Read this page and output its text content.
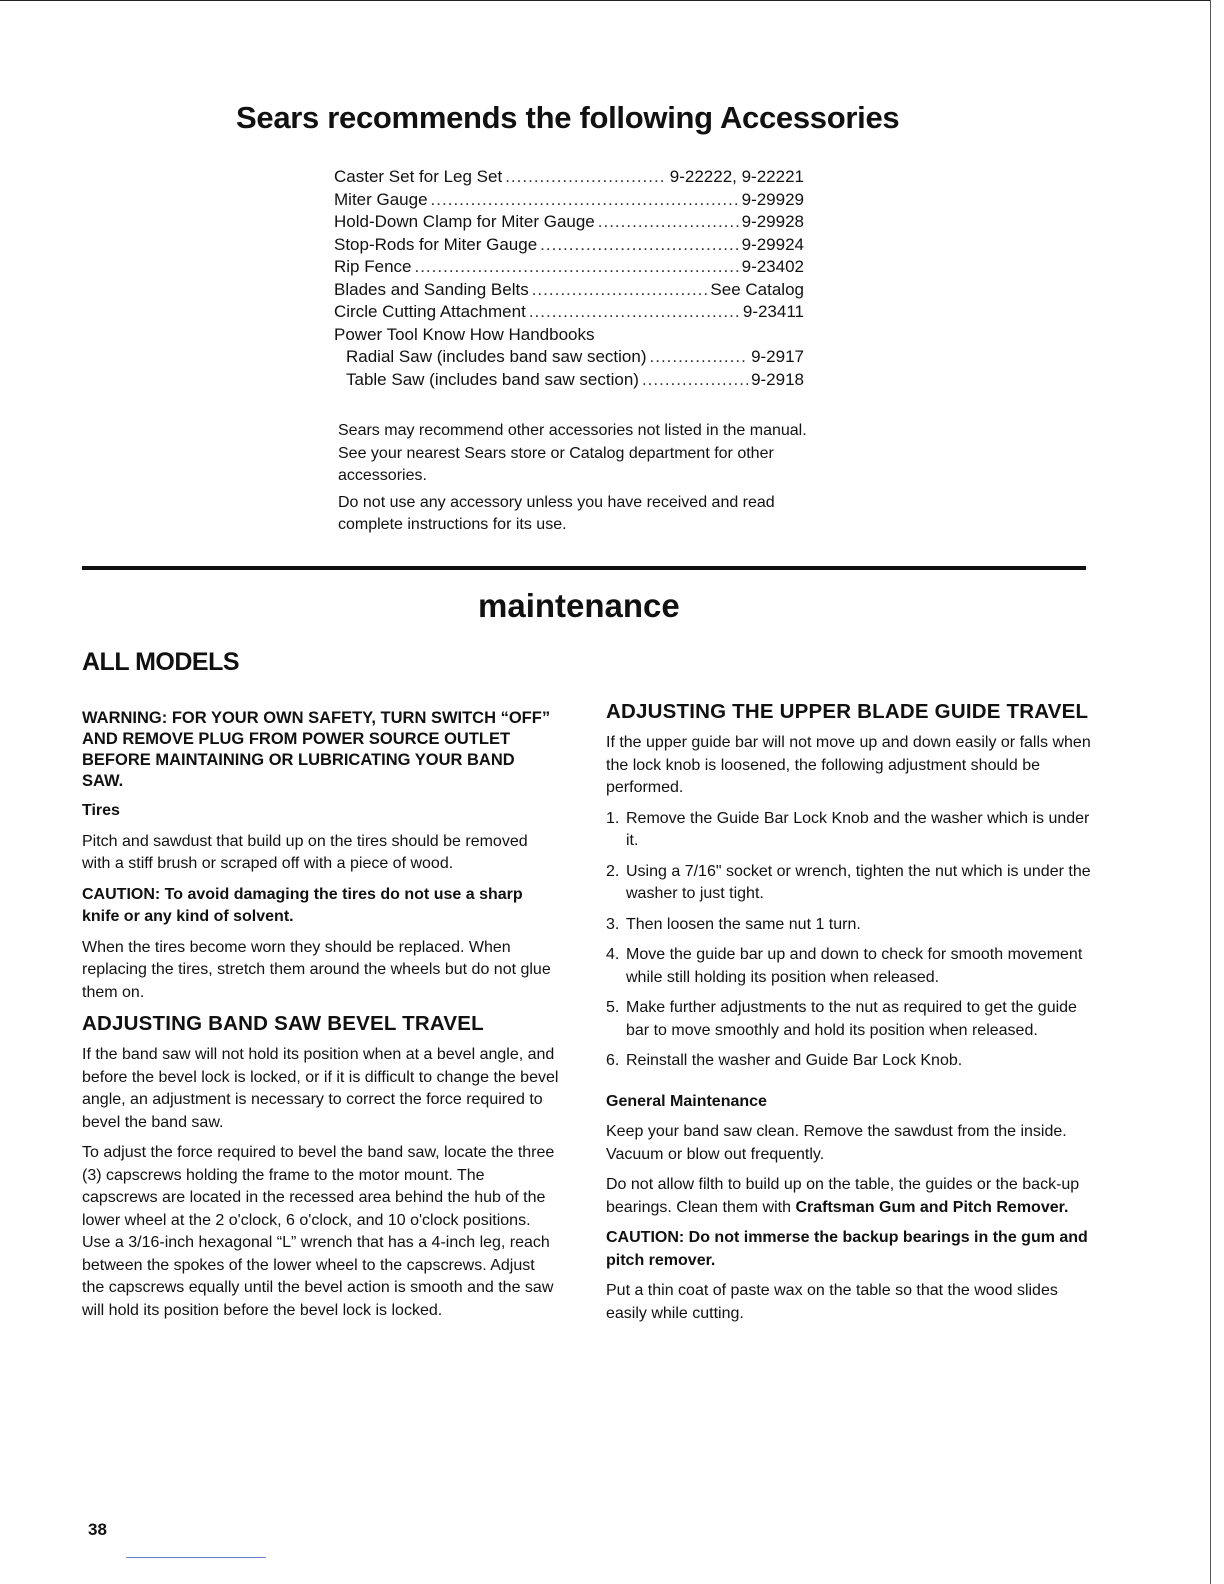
Sears recommends the following Accessories
Caster Set for Leg Set .....	9-22222, 9-22221
Miter Gauge .....	9-29929
Hold-Down Clamp for Miter Gauge .....	9-29928
Stop-Rods for Miter Gauge .....	9-29924
Rip Fence .....	9-23402
Blades and Sanding Belts .....	See Catalog
Circle Cutting Attachment .....	9-23411
Power Tool Know How Handbooks
Radial Saw (includes band saw section) .....	9-2917
Table Saw (includes band saw section) .....	9-2918

Sears may recommend other accessories not listed in the manual. See your nearest Sears store or Catalog department for other accessories.

Do not use any accessory unless you have received and read complete instructions for its use.

maintenance
ALL MODELS

WARNING: FOR YOUR OWN SAFETY, TURN SWITCH “OFF” AND REMOVE PLUG FROM POWER SOURCE OUTLET BEFORE MAINTAINING OR LUBRICATING YOUR BAND SAW.

Tires

Pitch and sawdust that build up on the tires should be removed with a stiff brush or scraped off with a piece of wood.

CAUTION: To avoid damaging the tires do not use a sharp knife or any kind of solvent.

When the tires become worn they should be replaced. When replacing the tires, stretch them around the wheels but do not glue them on.

ADJUSTING BAND SAW BEVEL TRAVEL

If the band saw will not hold its position when at a bevel angle, and before the bevel lock is locked, or if it is difficult to change the bevel angle, an adjustment is necessary to correct the force required to bevel the band saw.

To adjust the force required to bevel the band saw, locate the three (3) capscrews holding the frame to the motor mount. The capscrews are located in the recessed area behind the hub of the lower wheel at the 2 o'clock, 6 o'clock, and 10 o'clock positions. Use a 3/16-inch hexagonal “L” wrench that has a 4-inch leg, reach between the spokes of the lower wheel to the capscrews. Adjust the capscrews equally until the bevel action is smooth and the saw will hold its position before the bevel lock is locked.

ADJUSTING THE UPPER BLADE GUIDE TRAVEL

If the upper guide bar will not move up and down easily or falls when the lock knob is loosened, the following adjustment should be performed.

1. Remove the Guide Bar Lock Knob and the washer which is under it.
2. Using a 7/16" socket or wrench, tighten the nut which is under the washer to just tight.
3. Then loosen the same nut 1 turn.
4. Move the guide bar up and down to check for smooth movement while still holding its position when released.
5. Make further adjustments to the nut as required to get the guide bar to move smoothly and hold its position when released.
6. Reinstall the washer and Guide Bar Lock Knob.

General Maintenance

Keep your band saw clean. Remove the sawdust from the inside. Vacuum or blow out frequently.

Do not allow filth to build up on the table, the guides or the back-up bearings. Clean them with Craftsman Gum and Pitch Remover.

CAUTION: Do not immerse the backup bearings in the gum and pitch remover.

Put a thin coat of paste wax on the table so that the wood slides easily while cutting.

38
